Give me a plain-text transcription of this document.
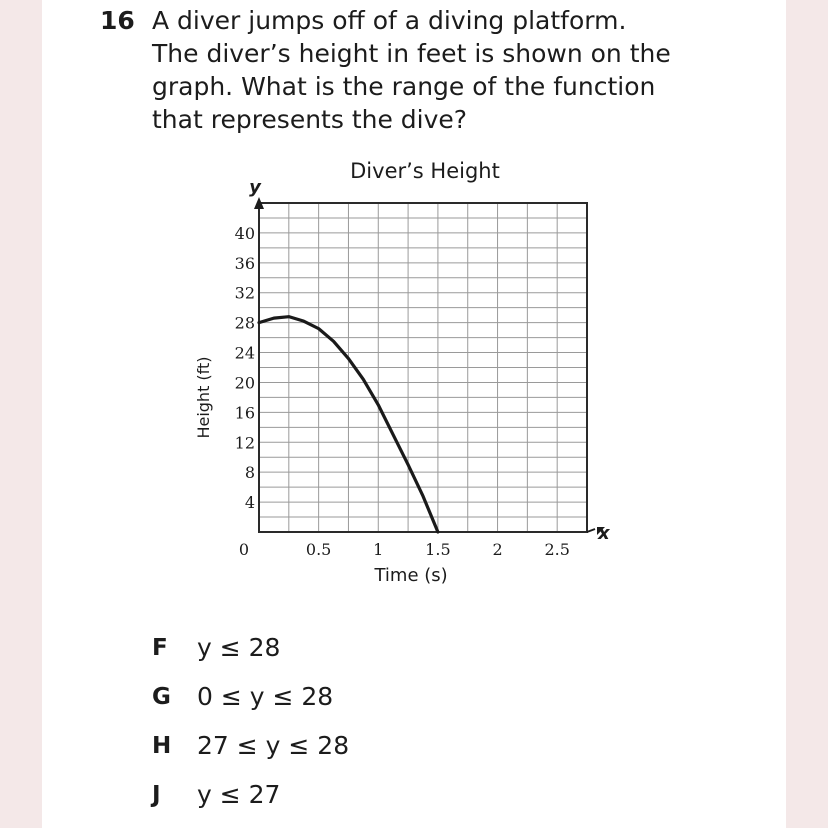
16 A diver jumps off of a diving platform.
The diver’s height in feet is shown on the
graph. What is the range of the function
that represents the dive?
Diver’s Height
x
y
4
8
12
16
20
24
28
32
36
40
0.5	1	1.5	2	2.5
0
Time (s)
Height (ft)
F	y ≤ 28
G	0 ≤ y ≤ 28
H	27 ≤ y ≤ 28
J	y ≤ 27
